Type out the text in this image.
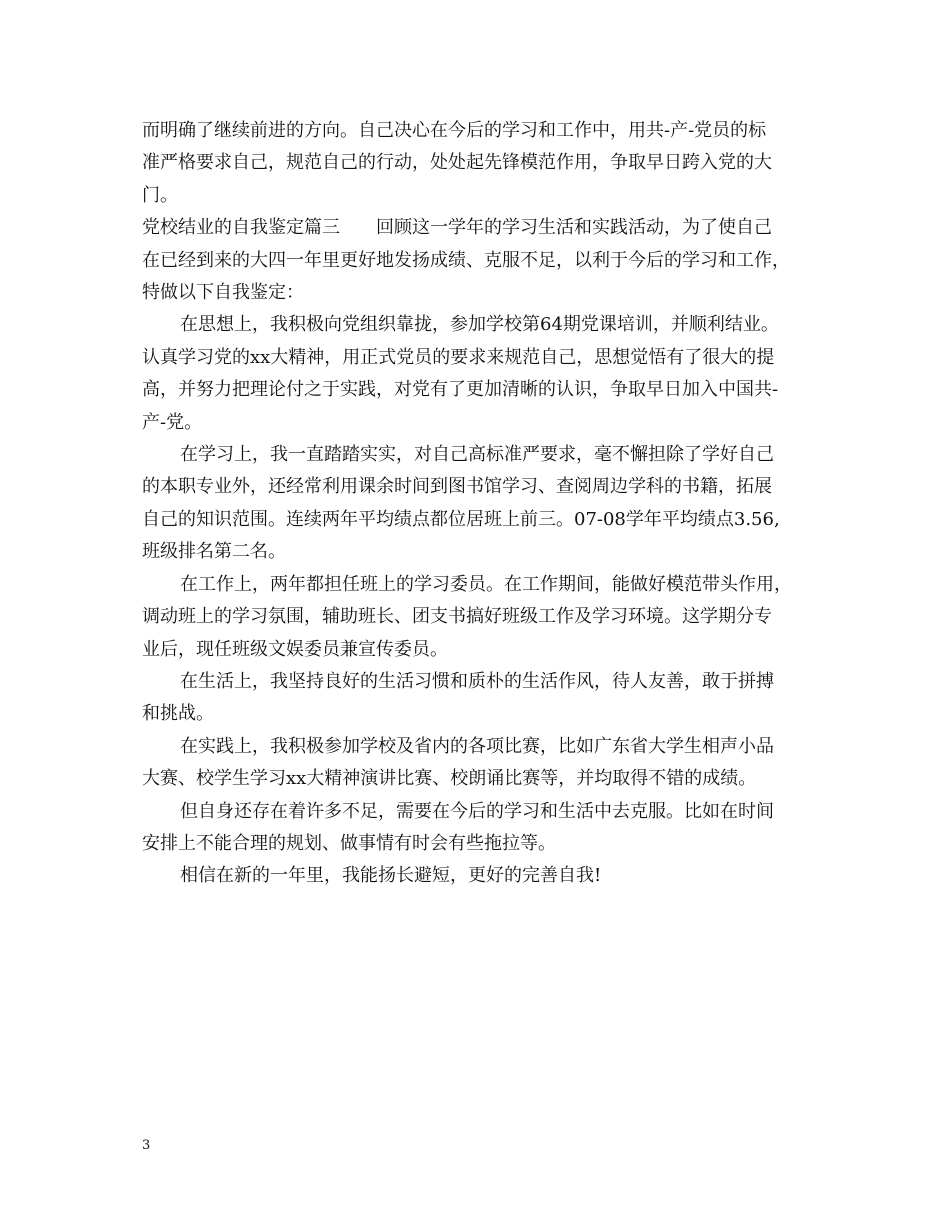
而明确了继续前进的方向。自己决心在今后的学习和工作中，用共-产-党员的标
准严格要求自己，规范自己的行动，处处起先锋模范作用，争取早日跨入党的大
门。
党校结业的自我鉴定篇三　　回顾这一学年的学习生活和实践活动，为了使自己
在已经到来的大四一年里更好地发扬成绩、克服不足，以利于今后的学习和工作，
特做以下自我鉴定：
在思想上，我积极向党组织靠拢，参加学校第64期党课培训，并顺利结业。
认真学习党的xx大精神，用正式党员的要求来规范自己，思想觉悟有了很大的提
高，并努力把理论付之于实践，对党有了更加清晰的认识，争取早日加入中国共-
产-党。
在学习上，我一直踏踏实实，对自己高标准严要求，毫不懈担除了学好自己
的本职专业外，还经常利用课余时间到图书馆学习、查阅周边学科的书籍，拓展
自己的知识范围。连续两年平均绩点都位居班上前三。07-08学年平均绩点3.56,
班级排名第二名。
在工作上，两年都担任班上的学习委员。在工作期间，能做好模范带头作用，
调动班上的学习氛围，辅助班长、团支书搞好班级工作及学习环境。这学期分专
业后，现任班级文娱委员兼宣传委员。
在生活上，我坚持良好的生活习惯和质朴的生活作风，待人友善，敢于拼搏
和挑战。
在实践上，我积极参加学校及省内的各项比赛，比如广东省大学生相声小品
大赛、校学生学习xx大精神演讲比赛、校朗诵比赛等，并均取得不错的成绩。
但自身还存在着许多不足，需要在今后的学习和生活中去克服。比如在时间
安排上不能合理的规划、做事情有时会有些拖拉等。
相信在新的一年里，我能扬长避短，更好的完善自我!
3
